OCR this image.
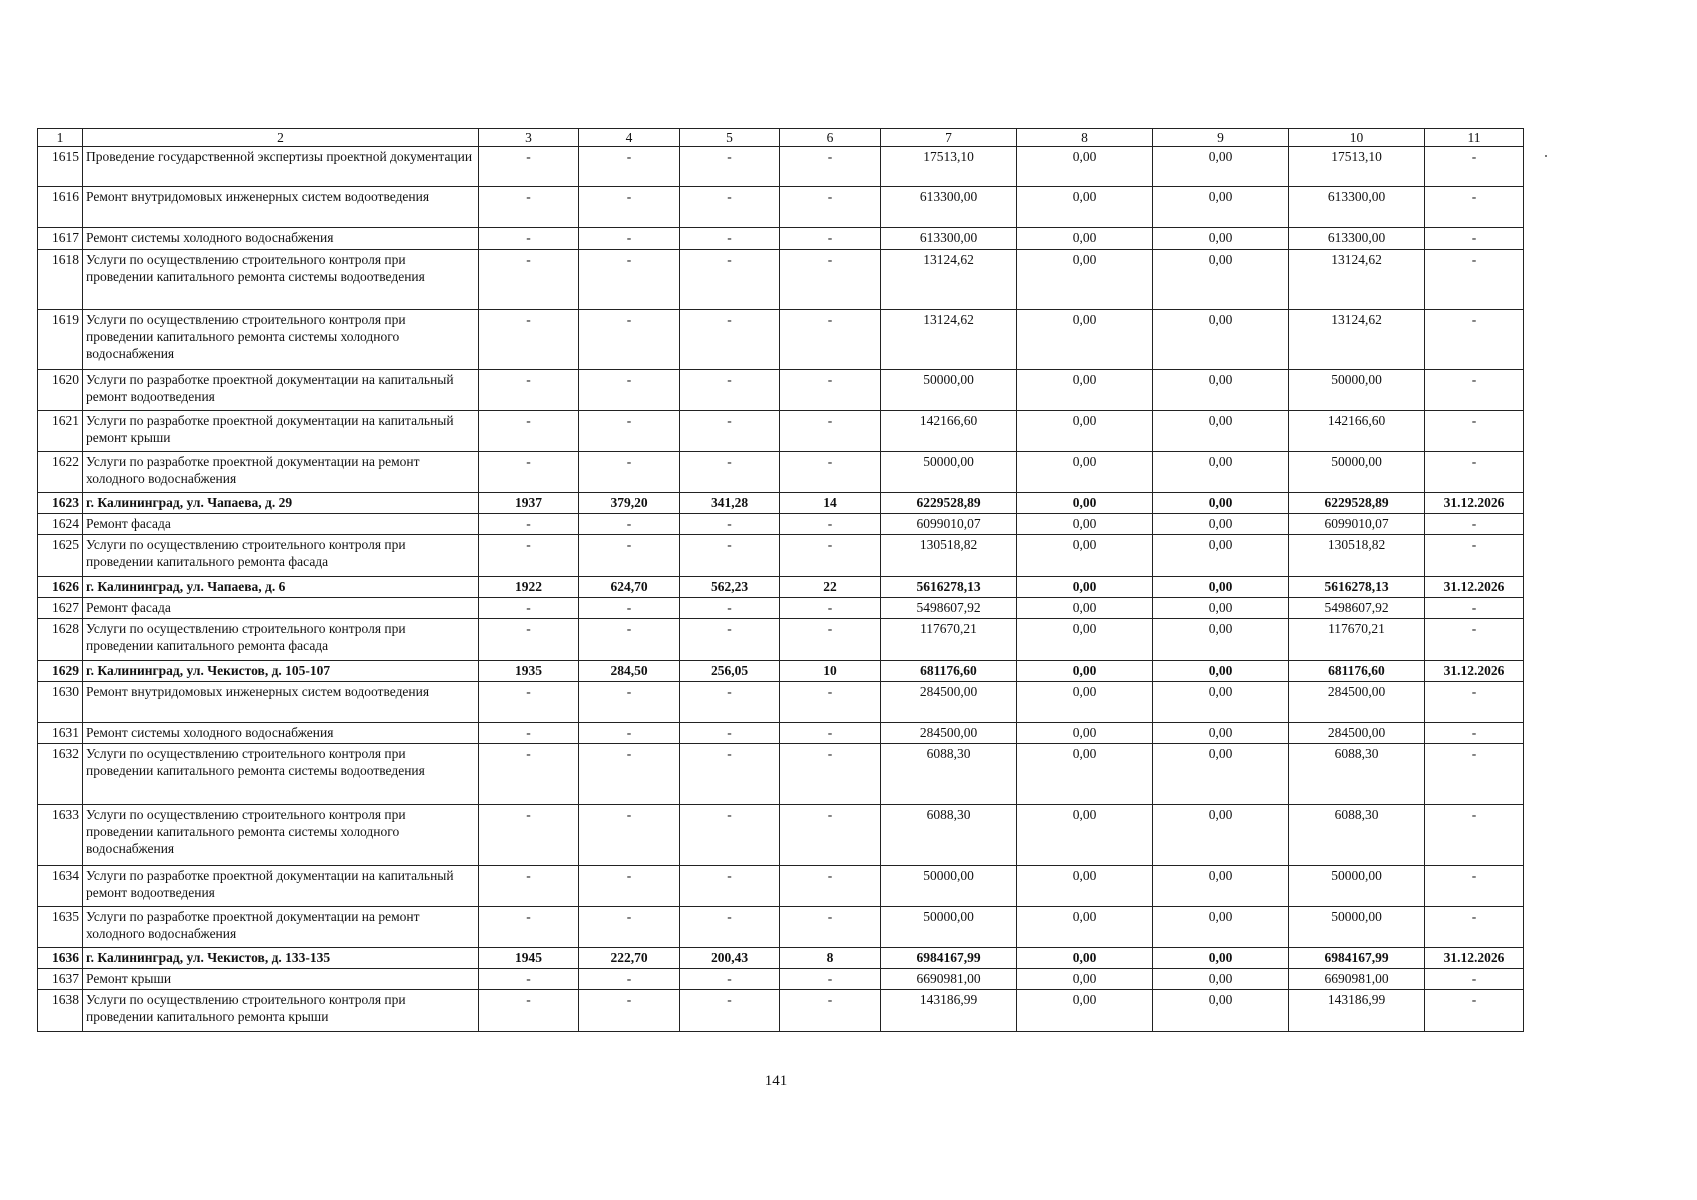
1	2	3	4	5	6	7	8	9	10	11
1615	Проведение государственной экспертизы проектной документации	-	-	-	-	17513,10	0,00	0,00	17513,10	-
1616	Ремонт внутридомовых инженерных систем водоотведения	-	-	-	-	613300,00	0,00	0,00	613300,00	-
1617	Ремонт системы холодного водоснабжения	-	-	-	-	613300,00	0,00	0,00	613300,00	-
1618	Услуги по осуществлению строительного контроля при проведении капитального ремонта системы водоотведения	-	-	-	-	13124,62	0,00	0,00	13124,62	-
1619	Услуги по осуществлению строительного контроля при проведении капитального ремонта системы холодного водоснабжения	-	-	-	-	13124,62	0,00	0,00	13124,62	-
1620	Услуги по разработке проектной документации на капитальный ремонт водоотведения	-	-	-	-	50000,00	0,00	0,00	50000,00	-
1621	Услуги по разработке проектной документации на капитальный ремонт крыши	-	-	-	-	142166,60	0,00	0,00	142166,60	-
1622	Услуги по разработке проектной документации на ремонт холодного водоснабжения	-	-	-	-	50000,00	0,00	0,00	50000,00	-
1623	г. Калининград, ул. Чапаева, д. 29	1937	379,20	341,28	14	6229528,89	0,00	0,00	6229528,89	31.12.2026
1624	Ремонт фасада	-	-	-	-	6099010,07	0,00	0,00	6099010,07	-
1625	Услуги по осуществлению строительного контроля при проведении капитального ремонта фасада	-	-	-	-	130518,82	0,00	0,00	130518,82	-
1626	г. Калининград, ул. Чапаева, д. 6	1922	624,70	562,23	22	5616278,13	0,00	0,00	5616278,13	31.12.2026
1627	Ремонт фасада	-	-	-	-	5498607,92	0,00	0,00	5498607,92	-
1628	Услуги по осуществлению строительного контроля при проведении капитального ремонта фасада	-	-	-	-	117670,21	0,00	0,00	117670,21	-
1629	г. Калининград, ул. Чекистов, д. 105-107	1935	284,50	256,05	10	681176,60	0,00	0,00	681176,60	31.12.2026
1630	Ремонт внутридомовых инженерных систем водоотведения	-	-	-	-	284500,00	0,00	0,00	284500,00	-
1631	Ремонт системы холодного водоснабжения	-	-	-	-	284500,00	0,00	0,00	284500,00	-
1632	Услуги по осуществлению строительного контроля при проведении капитального ремонта системы водоотведения	-	-	-	-	6088,30	0,00	0,00	6088,30	-
1633	Услуги по осуществлению строительного контроля при проведении капитального ремонта системы холодного водоснабжения	-	-	-	-	6088,30	0,00	0,00	6088,30	-
1634	Услуги по разработке проектной документации на капитальный ремонт водоотведения	-	-	-	-	50000,00	0,00	0,00	50000,00	-
1635	Услуги по разработке проектной документации на ремонт холодного водоснабжения	-	-	-	-	50000,00	0,00	0,00	50000,00	-
1636	г. Калининград, ул. Чекистов, д. 133-135	1945	222,70	200,43	8	6984167,99	0,00	0,00	6984167,99	31.12.2026
1637	Ремонт крыши	-	-	-	-	6690981,00	0,00	0,00	6690981,00	-
1638	Услуги по осуществлению строительного контроля при проведении капитального ремонта крыши	-	-	-	-	143186,99	0,00	0,00	143186,99	-
141
